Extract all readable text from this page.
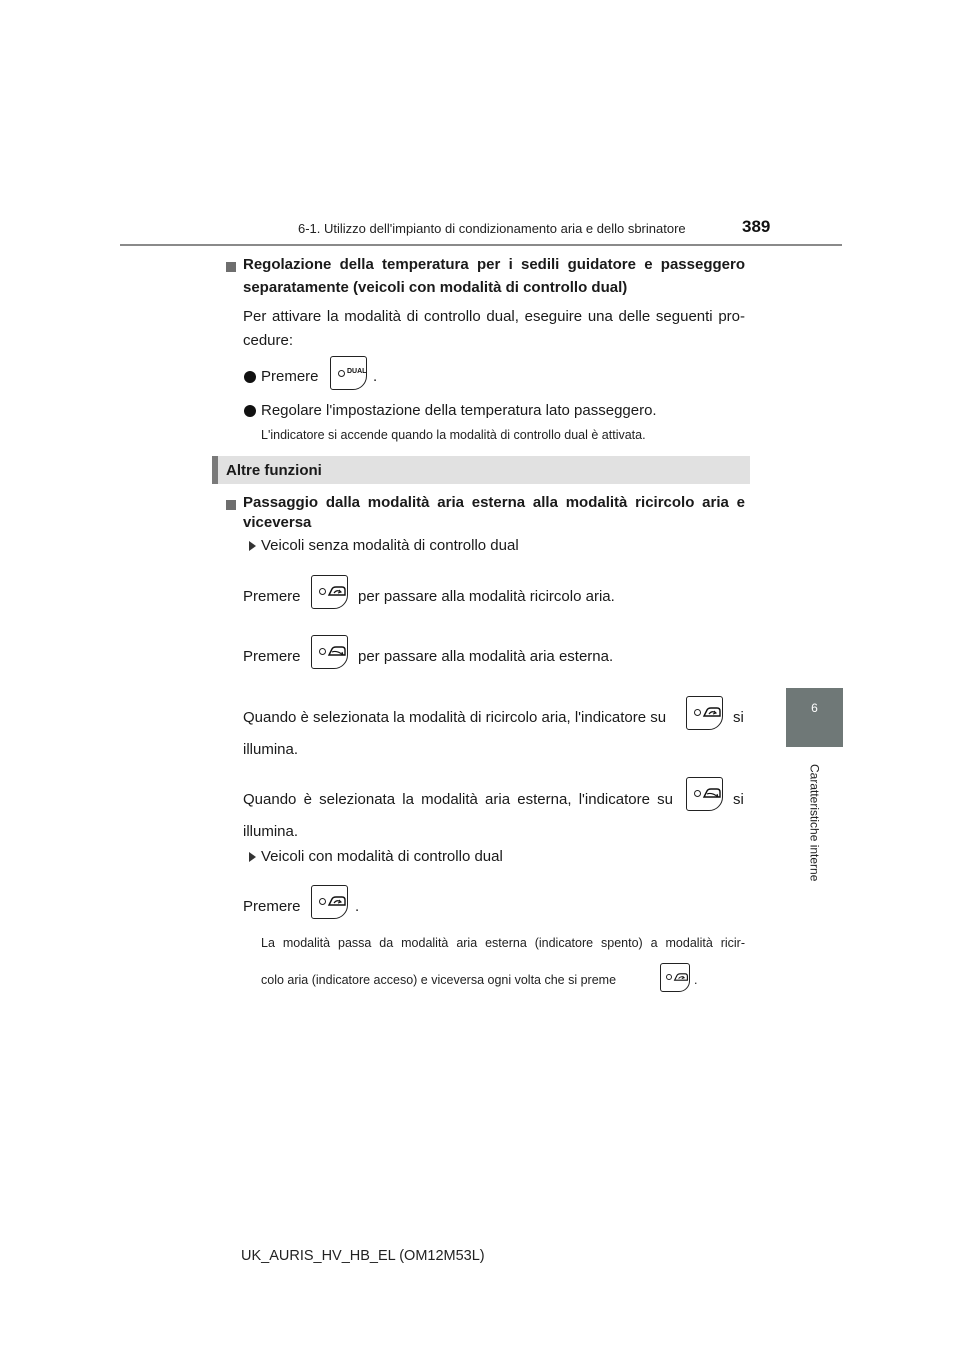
6-1. Utilizzo dell'impianto di condizionamento aria e dello sbrinatore	389
6
Caratteristiche interne
Regolazione della temperatura per i sedili guidatore e passeggero
separatamente (veicoli con modalità di controllo dual)
Per attivare la modalità di controllo dual, eseguire una delle seguenti pro-
cedure:
Premere	DUAL .
Regolare l'impostazione della temperatura lato passeggero.
L'indicatore si accende quando la modalità di controllo dual è attivata.
Altre funzioni
Passaggio dalla modalità aria esterna alla modalità ricircolo aria e
viceversa
Veicoli senza modalità di controllo dual
Premere	per passare alla modalità ricircolo aria.
Premere	per passare alla modalità aria esterna.
Quando è selezionata la modalità di ricircolo aria, l'indicatore su	si
illumina.
Quando è selezionata la modalità aria esterna, l'indicatore su	si
illumina.
Veicoli con modalità di controllo dual
Premere	.
La modalità passa da modalità aria esterna (indicatore spento) a modalità ricir-
colo aria (indicatore acceso) e viceversa ogni volta che si preme	.
UK_AURIS_HV_HB_EL (OM12M53L)
